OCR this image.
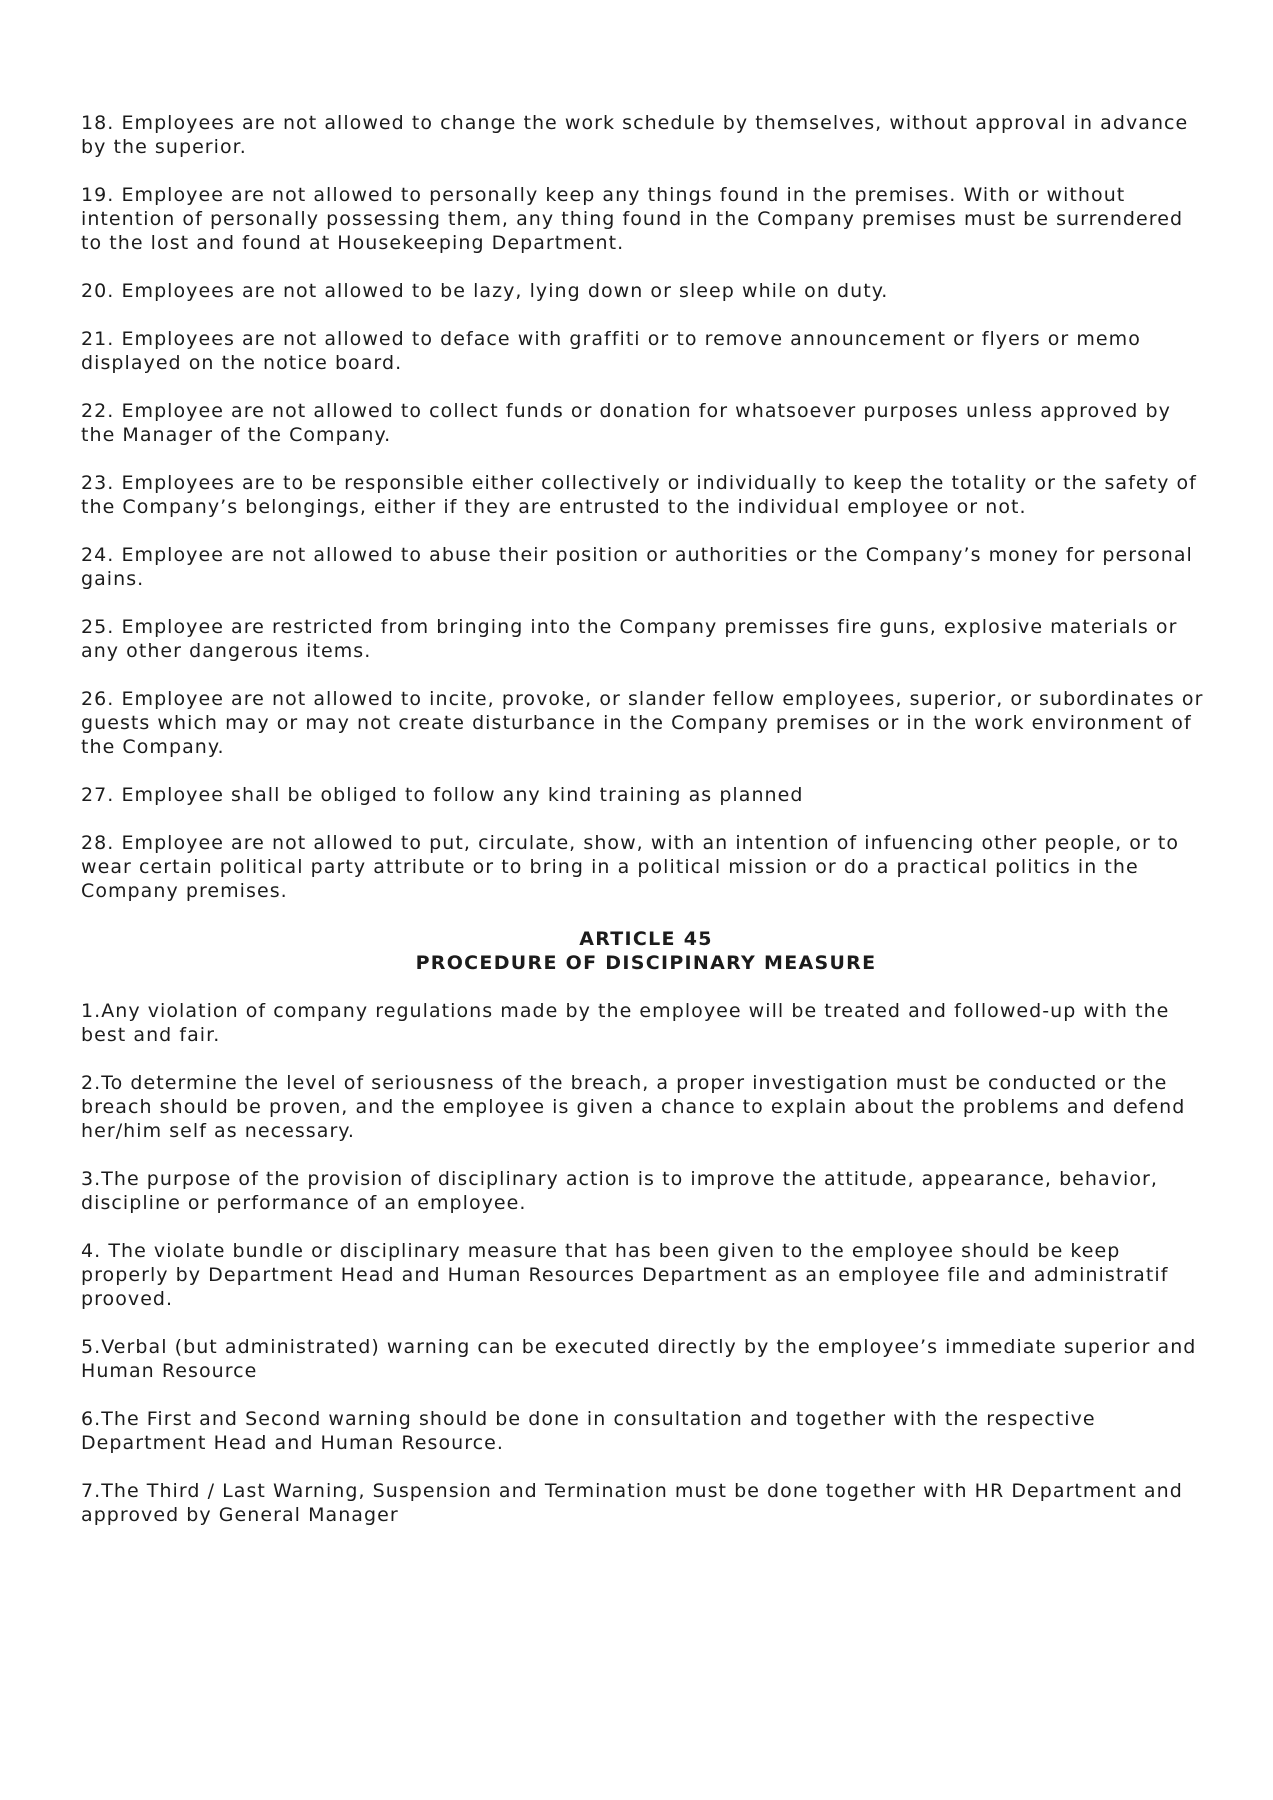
18. Employees are not allowed to change the work schedule by themselves, without approval in advance by the superior.

19. Employee are not allowed to personally keep any things found in the premises. With or without intention of personally possessing them, any thing found in the Company premises must be surrendered to the lost and found at Housekeeping Department.

20. Employees are not allowed to be lazy, lying down or sleep while on duty.

21. Employees are not allowed to deface with graffiti or to remove announcement or flyers or memo displayed on the notice board.

22. Employee are not allowed to collect funds or donation for whatsoever purposes unless approved by the Manager of the Company.

23. Employees are to be responsible either collectively or individually to keep the totality or the safety of the Company’s belongings, either if they are entrusted to the individual employee or not.

24. Employee are not allowed to abuse their position or authorities or the Company’s money for personal gains.

25. Employee are restricted from bringing into the Company premisses fire guns, explosive materials or any other dangerous items.

26. Employee are not allowed to incite, provoke, or slander fellow employees, superior, or subordinates or guests which may or may not create disturbance in the Company premises or in the work environment of the Company.

27. Employee shall be obliged to follow any kind training as planned

28. Employee are not allowed to put, circulate, show, with an intention of infuencing other people, or to wear certain political party attribute or to bring in a political mission or do a practical politics in the Company premises.

ARTICLE 45
PROCEDURE OF DISCIPINARY MEASURE

1.Any violation of company regulations made by the employee will be treated and followed-up with the best and fair.

2.To determine the level of seriousness of the breach, a proper investigation must be conducted or the breach should be proven, and the employee is given a chance to explain about the problems and defend her/him self as necessary.

3.The purpose of the provision of disciplinary action is to improve the attitude, appearance, behavior, discipline or performance of an employee.

4. The violate bundle or disciplinary measure that has been given to the employee should be keep properly by Department Head and Human Resources Department as an employee file and administratif prooved.

5.Verbal (but administrated) warning can be executed directly by the employee’s immediate superior and Human Resource

6.The First and Second warning should be done in consultation and together with the respective Department Head and Human Resource.

7.The Third / Last Warning, Suspension and Termination must be done together with HR Department and approved by General Manager
